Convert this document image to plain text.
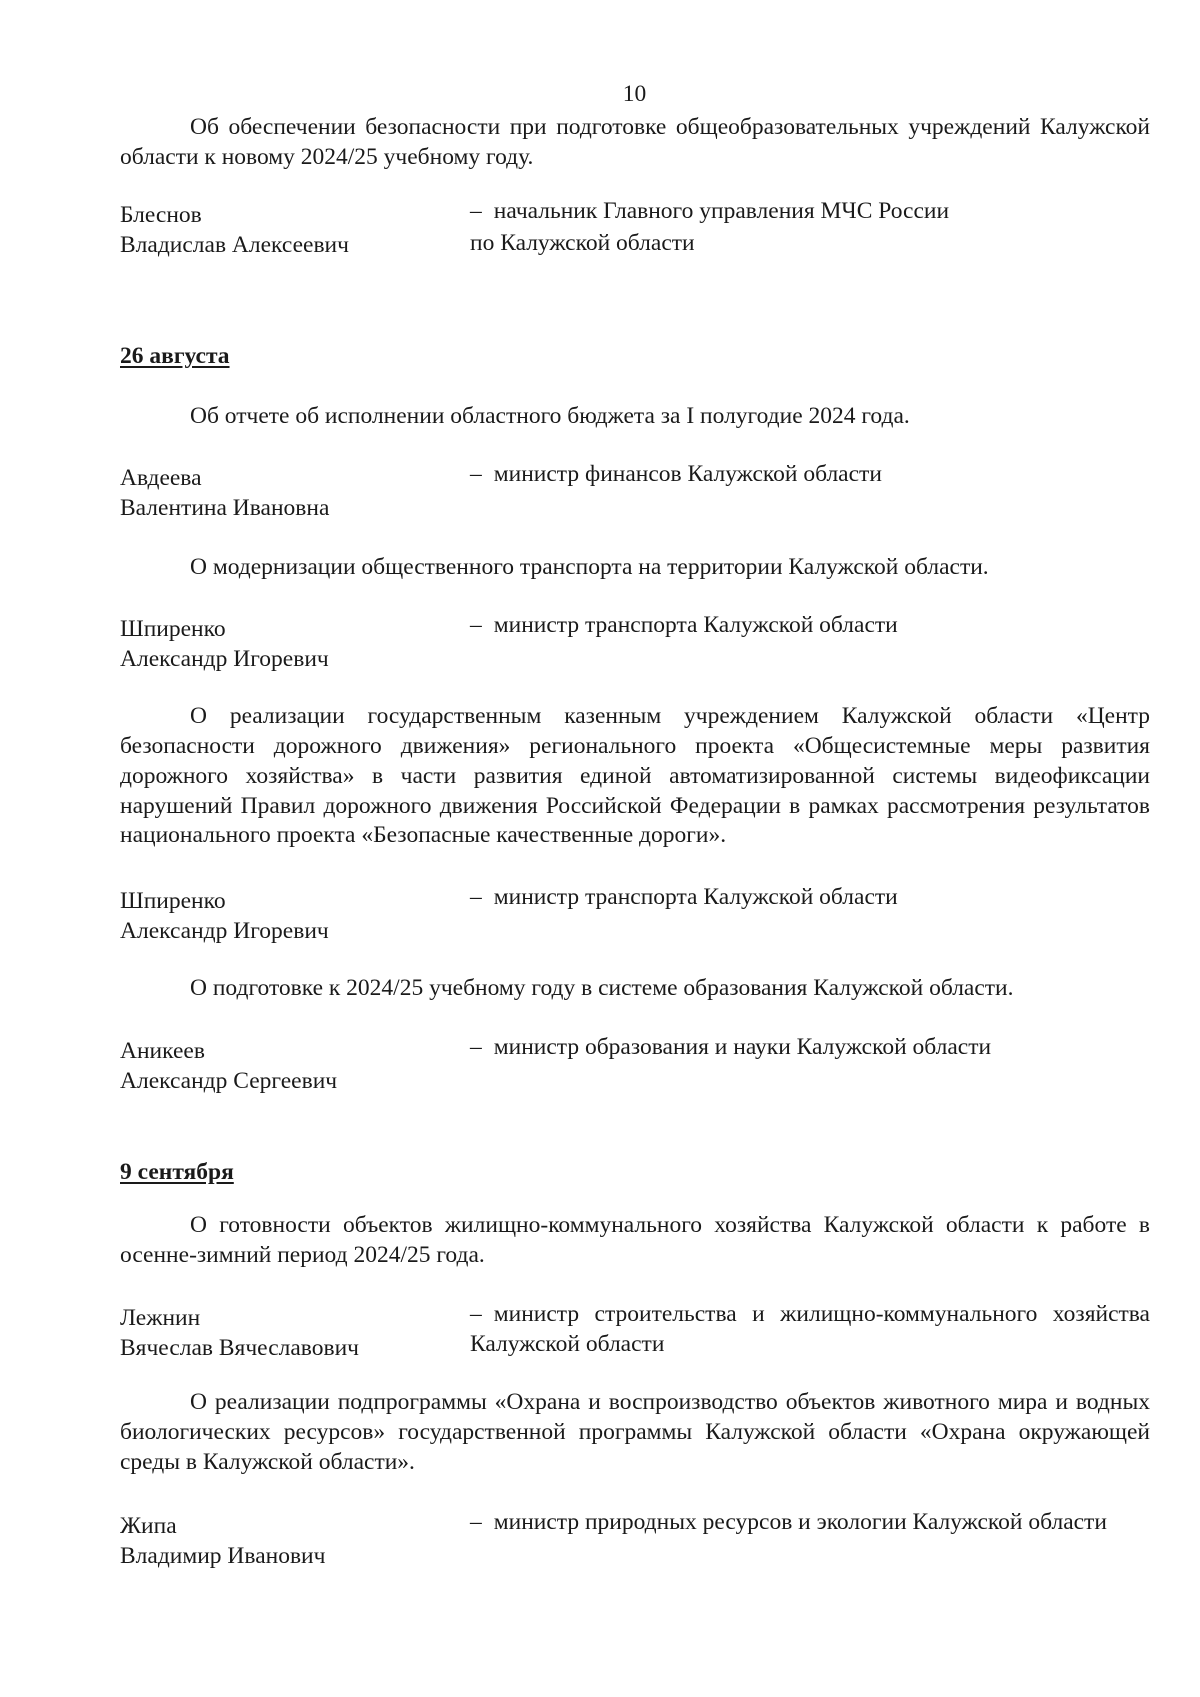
10

Об обеспечении безопасности при подготовке общеобразовательных учреждений Калужской области к новому 2024/25 учебному году.

Блеснов
Владислав Алексеевич
– начальник Главного управления МЧС России
по Калужской области
26 августа

Об отчете об исполнении областного бюджета за I полугодие 2024 года.

Авдеева
Валентина Ивановна
– министр финансов Калужской области

О модернизации общественного транспорта на территории Калужской области.

Шпиренко
Александр Игоревич
– министр транспорта Калужской области

О реализации государственным казенным учреждением Калужской области «Центр безопасности дорожного движения» регионального проекта «Общесистемные меры развития дорожного хозяйства» в части развития единой автоматизированной системы видеофиксации нарушений Правил дорожного движения Российской Федерации в рамках рассмотрения результатов национального проекта «Безопасные качественные дороги».

Шпиренко
Александр Игоревич
– министр транспорта Калужской области

О подготовке к 2024/25 учебному году в системе образования Калужской области.

Аникеев
Александр Сергеевич
– министр образования и науки Калужской области
9 сентября

О готовности объектов жилищно-коммунального хозяйства Калужской области к работе в осенне-зимний период 2024/25 года.

Лежнин
Вячеслав Вячеславович
– министр строительства и жилищно-коммунального хозяйства Калужской области

О реализации подпрограммы «Охрана и воспроизводство объектов животного мира и водных биологических ресурсов» государственной программы Калужской области «Охрана окружающей среды в Калужской области».

Жипа
Владимир Иванович
– министр природных ресурсов и экологии Калужской области
